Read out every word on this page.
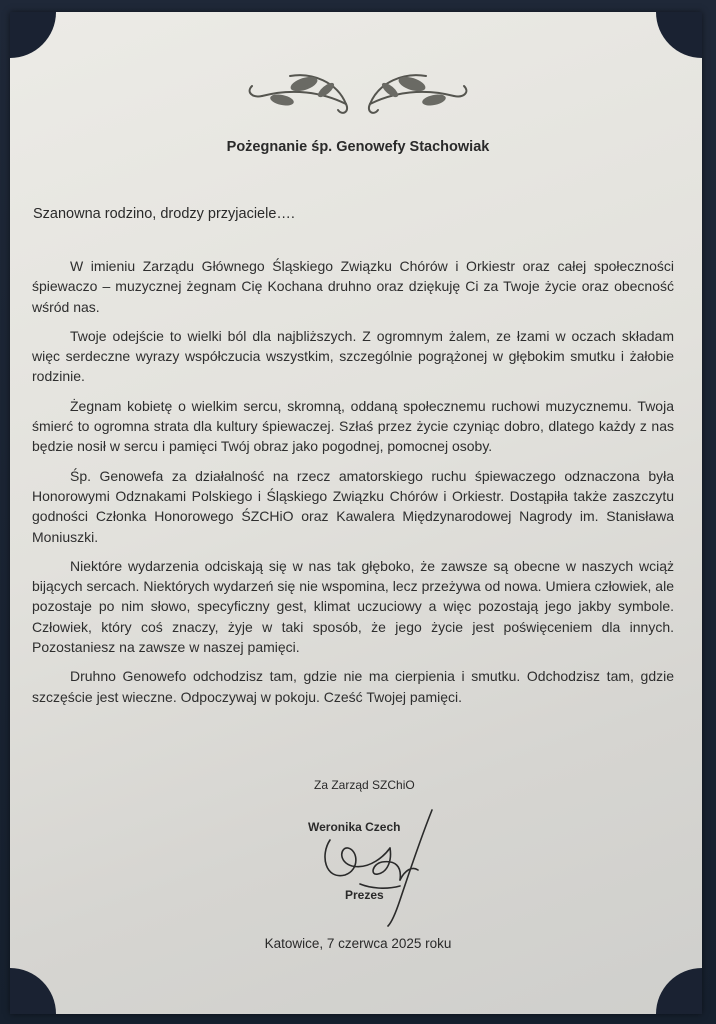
Pożegnanie śp. Genowefy Stachowiak
Szanowna rodzino, drodzy przyjaciele….

W imieniu Zarządu Głównego Śląskiego Związku Chórów i Orkiestr oraz całej społeczności śpiewaczo – muzycznej żegnam Cię Kochana druhno oraz dziękuję Ci za Twoje życie oraz obecność wśród nas.

Twoje odejście to wielki ból dla najbliższych. Z ogromnym żalem, ze łzami w oczach składam więc serdeczne wyrazy współczucia wszystkim, szczególnie pogrążonej w głębokim smutku i żałobie rodzinie.

Żegnam kobietę o wielkim sercu, skromną, oddaną społecznemu ruchowi muzycznemu. Twoja śmierć to ogromna strata dla kultury śpiewaczej. Szłaś przez życie czyniąc dobro, dlatego każdy z nas będzie nosił w sercu i pamięci Twój obraz jako pogodnej, pomocnej osoby.

Śp. Genowefa za działalność na rzecz amatorskiego ruchu śpiewaczego odznaczona była Honorowymi Odznakami Polskiego i Śląskiego Związku Chórów i Orkiestr. Dostąpiła także zaszczytu godności Członka Honorowego ŚZCHiO oraz Kawalera Międzynarodowej Nagrody im. Stanisława Moniuszki.

Niektóre wydarzenia odciskają się w nas tak głęboko, że zawsze są obecne w naszych wciąż bijących sercach. Niektórych wydarzeń się nie wspomina, lecz przeżywa od nowa. Umiera człowiek, ale pozostaje po nim słowo, specyficzny gest, klimat uczuciowy a więc pozostają jego jakby symbole. Człowiek, który coś znaczy, żyje w taki sposób, że jego życie jest poświęceniem dla innych. Pozostaniesz na zawsze w naszej pamięci.

Druhno Genowefo odchodzisz tam, gdzie nie ma cierpienia i smutku. Odchodzisz tam, gdzie szczęście jest wieczne. Odpoczywaj w pokoju. Cześć Twojej pamięci.

Za Zarząd SZChiO
Weronika Czech
Prezes
Katowice, 7 czerwca 2025 roku
